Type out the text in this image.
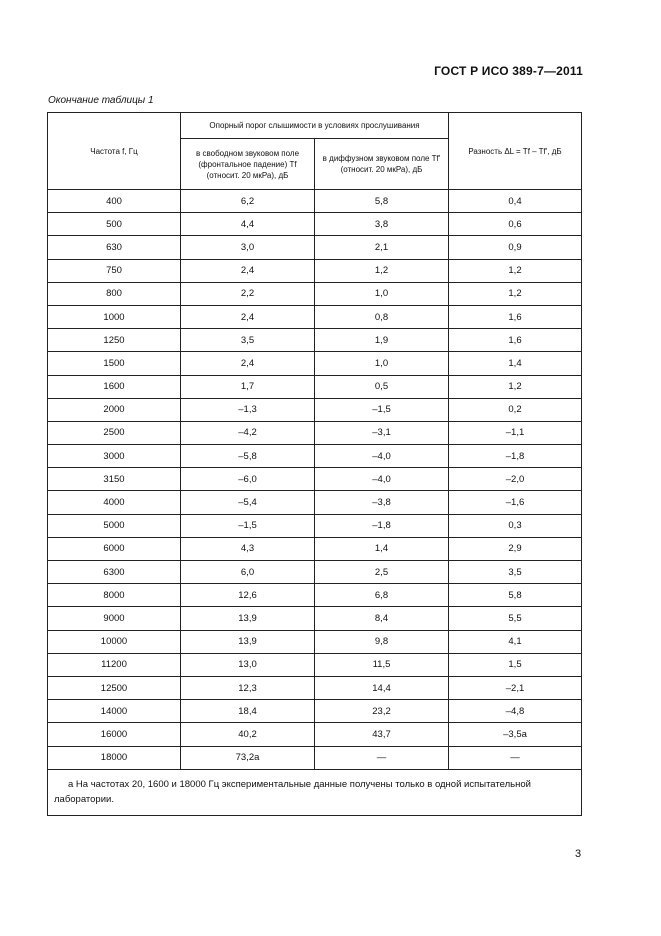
ГОСТ Р ИСО 389-7—2011
Окончание таблицы 1
Частота f, Гц	Опорный порог слышимости в условиях прослушивания		Разность ΔL = Tf – Tf', дБ
	в свободном звуковом поле (фронтальное падение) Tf (относит. 20 мкРа), дБ	в диффузном звуковом поле Tf' (относит. 20 мкРа), дБ	
400	6,2	5,8	0,4
500	4,4	3,8	0,6
630	3,0	2,1	0,9
750	2,4	1,2	1,2
800	2,2	1,0	1,2
1000	2,4	0,8	1,6
1250	3,5	1,9	1,6
1500	2,4	1,0	1,4
1600	1,7	0,5	1,2
2000	–1,3	–1,5	0,2
2500	–4,2	–3,1	–1,1
3000	–5,8	–4,0	–1,8
3150	–6,0	–4,0	–2,0
4000	–5,4	–3,8	–1,6
5000	–1,5	–1,8	0,3
6000	4,3	1,4	2,9
6300	6,0	2,5	3,5
8000	12,6	6,8	5,8
9000	13,9	8,4	5,5
10000	13,9	9,8	4,1
11200	13,0	11,5	1,5
12500	12,3	14,4	–2,1
14000	18,4	23,2	–4,8
16000	40,2	43,7	–3,5a
18000	73,2a	—	—
a На частотах 20, 1600 и 18000 Гц экспериментальные данные получены только в одной испытательной лаборатории.			
3
